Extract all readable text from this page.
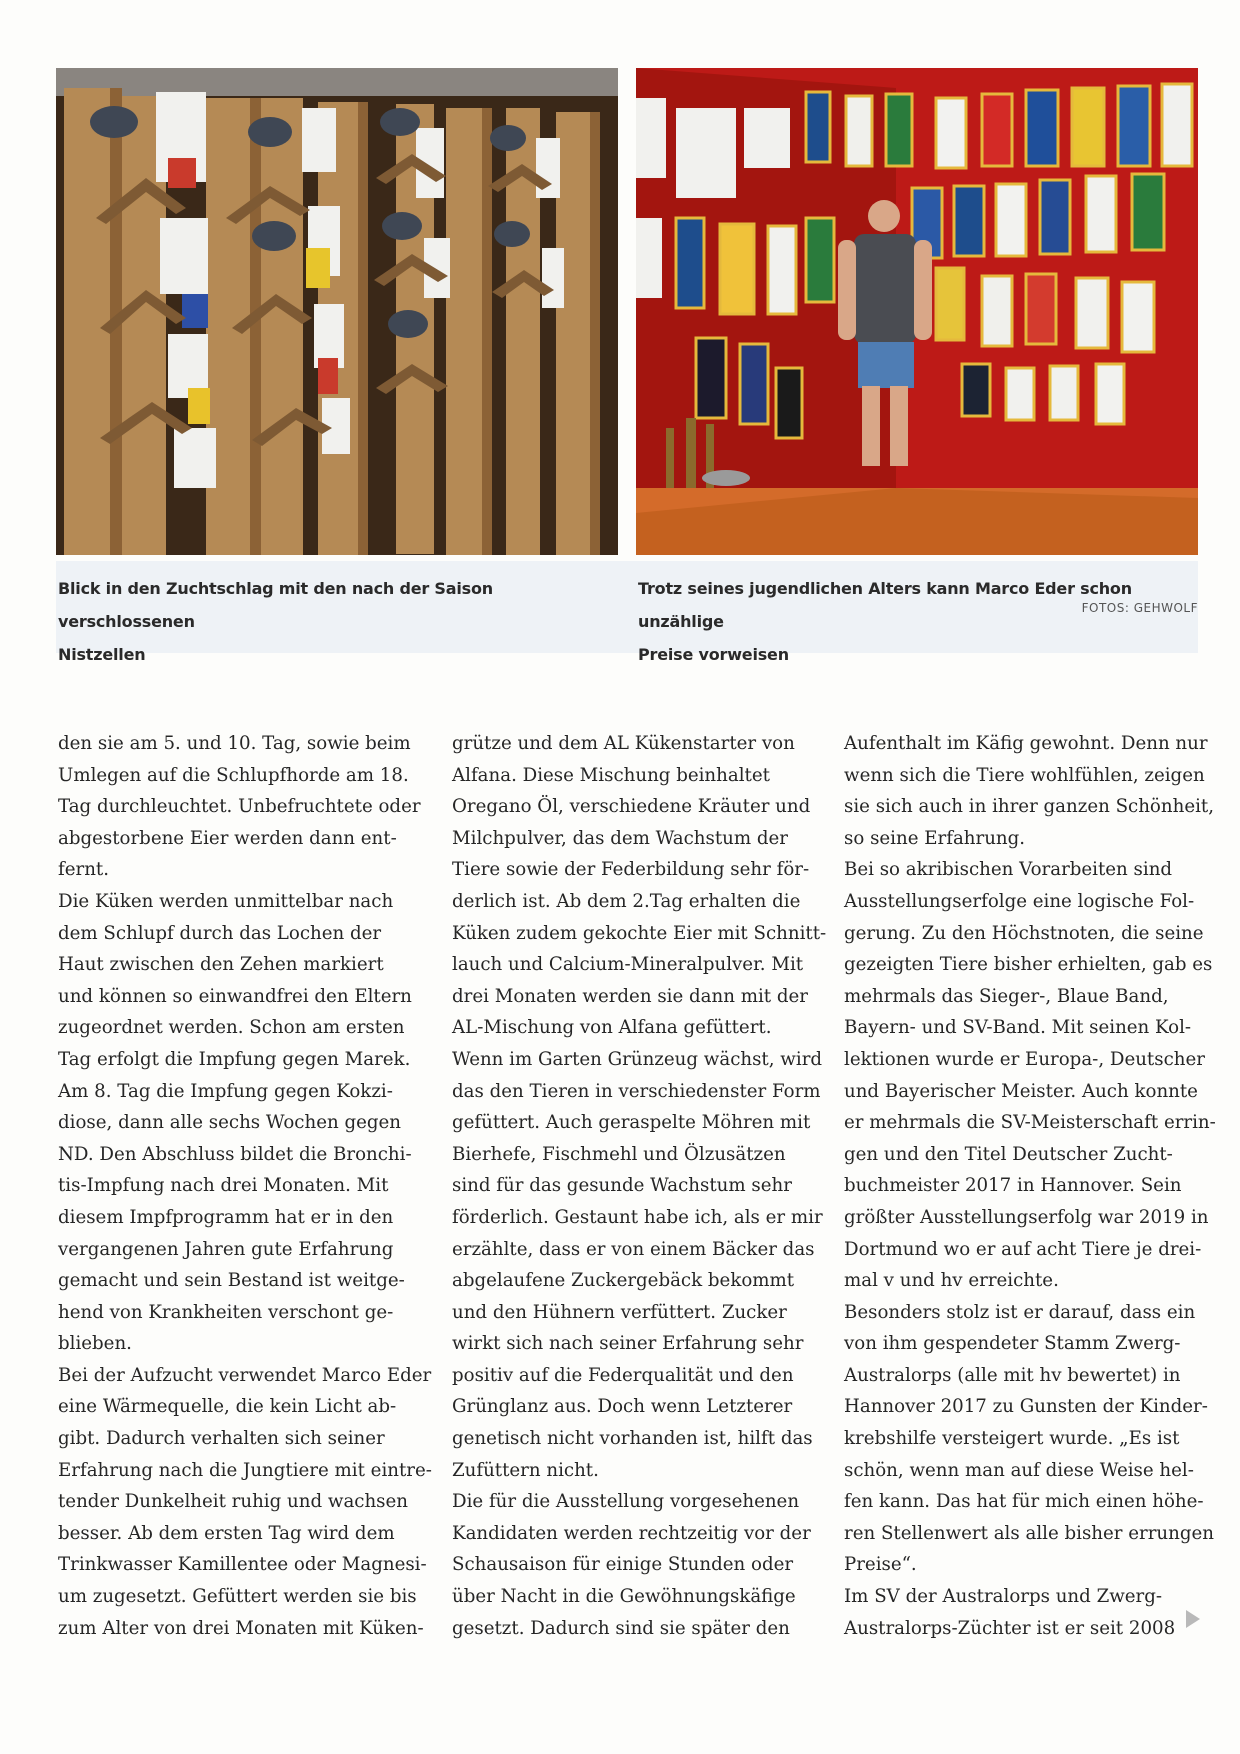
Blick in den Zuchtschlag mit den nach der Saison verschlossenen
Nistzellen
Trotz seines jugendlichen Alters kann Marco Eder schon unzählige
Preise vorweisen
FOTOS: GEHWOLF

den sie am 5. und 10. Tag, sowie beim

Umlegen auf die Schlupfhorde am 18.

Tag durchleuchtet. Unbefruchtete oder

abgestorbene Eier werden dann ent-

fernt.

Die Küken werden unmittelbar nach

dem Schlupf durch das Lochen der

Haut zwischen den Zehen markiert

und können so einwandfrei den Eltern

zugeordnet werden. Schon am ersten

Tag erfolgt die Impfung gegen Marek.

Am 8. Tag die Impfung gegen Kokzi-

diose, dann alle sechs Wochen gegen

ND. Den Abschluss bildet die Bronchi-

tis-Impfung nach drei Monaten. Mit

diesem Impfprogramm hat er in den

vergangenen Jahren gute Erfahrung

gemacht und sein Bestand ist weitge-

hend von Krankheiten verschont ge-

blieben.

Bei der Aufzucht verwendet Marco Eder

eine Wärmequelle, die kein Licht ab-

gibt. Dadurch verhalten sich seiner

Erfahrung nach die Jungtiere mit eintre-

tender Dunkelheit ruhig und wachsen

besser. Ab dem ersten Tag wird dem

Trinkwasser Kamillentee oder Magnesi-

um zugesetzt. Gefüttert werden sie bis

zum Alter von drei Monaten mit Küken-

grütze und dem AL Kükenstarter von

Alfana. Diese Mischung beinhaltet

Oregano Öl, verschiedene Kräuter und

Milchpulver, das dem Wachstum der

Tiere sowie der Federbildung sehr för-

derlich ist. Ab dem 2.Tag erhalten die

Küken zudem gekochte Eier mit Schnitt-

lauch und Calcium-Mineralpulver. Mit

drei Monaten werden sie dann mit der

AL-Mischung von Alfana gefüttert.

Wenn im Garten Grünzeug wächst, wird

das den Tieren in verschiedenster Form

gefüttert. Auch geraspelte Möhren mit

Bierhefe, Fischmehl und Ölzusätzen

sind für das gesunde Wachstum sehr

förderlich. Gestaunt habe ich, als er mir

erzählte, dass er von einem Bäcker das

abgelaufene Zuckergebäck bekommt

und den Hühnern verfüttert. Zucker

wirkt sich nach seiner Erfahrung sehr

positiv auf die Federqualität und den

Grünglanz aus. Doch wenn Letzterer

genetisch nicht vorhanden ist, hilft das

Zufüttern nicht.

Die für die Ausstellung vorgesehenen

Kandidaten werden rechtzeitig vor der

Schausaison für einige Stunden oder

über Nacht in die Gewöhnungskäfige

gesetzt. Dadurch sind sie später den

Aufenthalt im Käfig gewohnt. Denn nur

wenn sich die Tiere wohlfühlen, zeigen

sie sich auch in ihrer ganzen Schönheit,

so seine Erfahrung.

Bei so akribischen Vorarbeiten sind

Ausstellungserfolge eine logische Fol-

gerung. Zu den Höchstnoten, die seine

gezeigten Tiere bisher erhielten, gab es

mehrmals das Sieger-, Blaue Band,

Bayern- und SV-Band. Mit seinen Kol-

lektionen wurde er Europa-, Deutscher

und Bayerischer Meister. Auch konnte

er mehrmals die SV-Meisterschaft errin-

gen und den Titel Deutscher Zucht-

buchmeister 2017 in Hannover. Sein

größter Ausstellungserfolg war 2019 in

Dortmund wo er auf acht Tiere je drei-

mal v und hv erreichte.

Besonders stolz ist er darauf, dass ein

von ihm gespendeter Stamm Zwerg-

Australorps (alle mit hv bewertet) in

Hannover 2017 zu Gunsten der Kinder-

krebshilfe versteigert wurde. „Es ist

schön, wenn man auf diese Weise hel-

fen kann. Das hat für mich einen höhe-

ren Stellenwert als alle bisher errungen

Preise“.

Im SV der Australorps und Zwerg-

Australorps-Züchter ist er seit 2008
